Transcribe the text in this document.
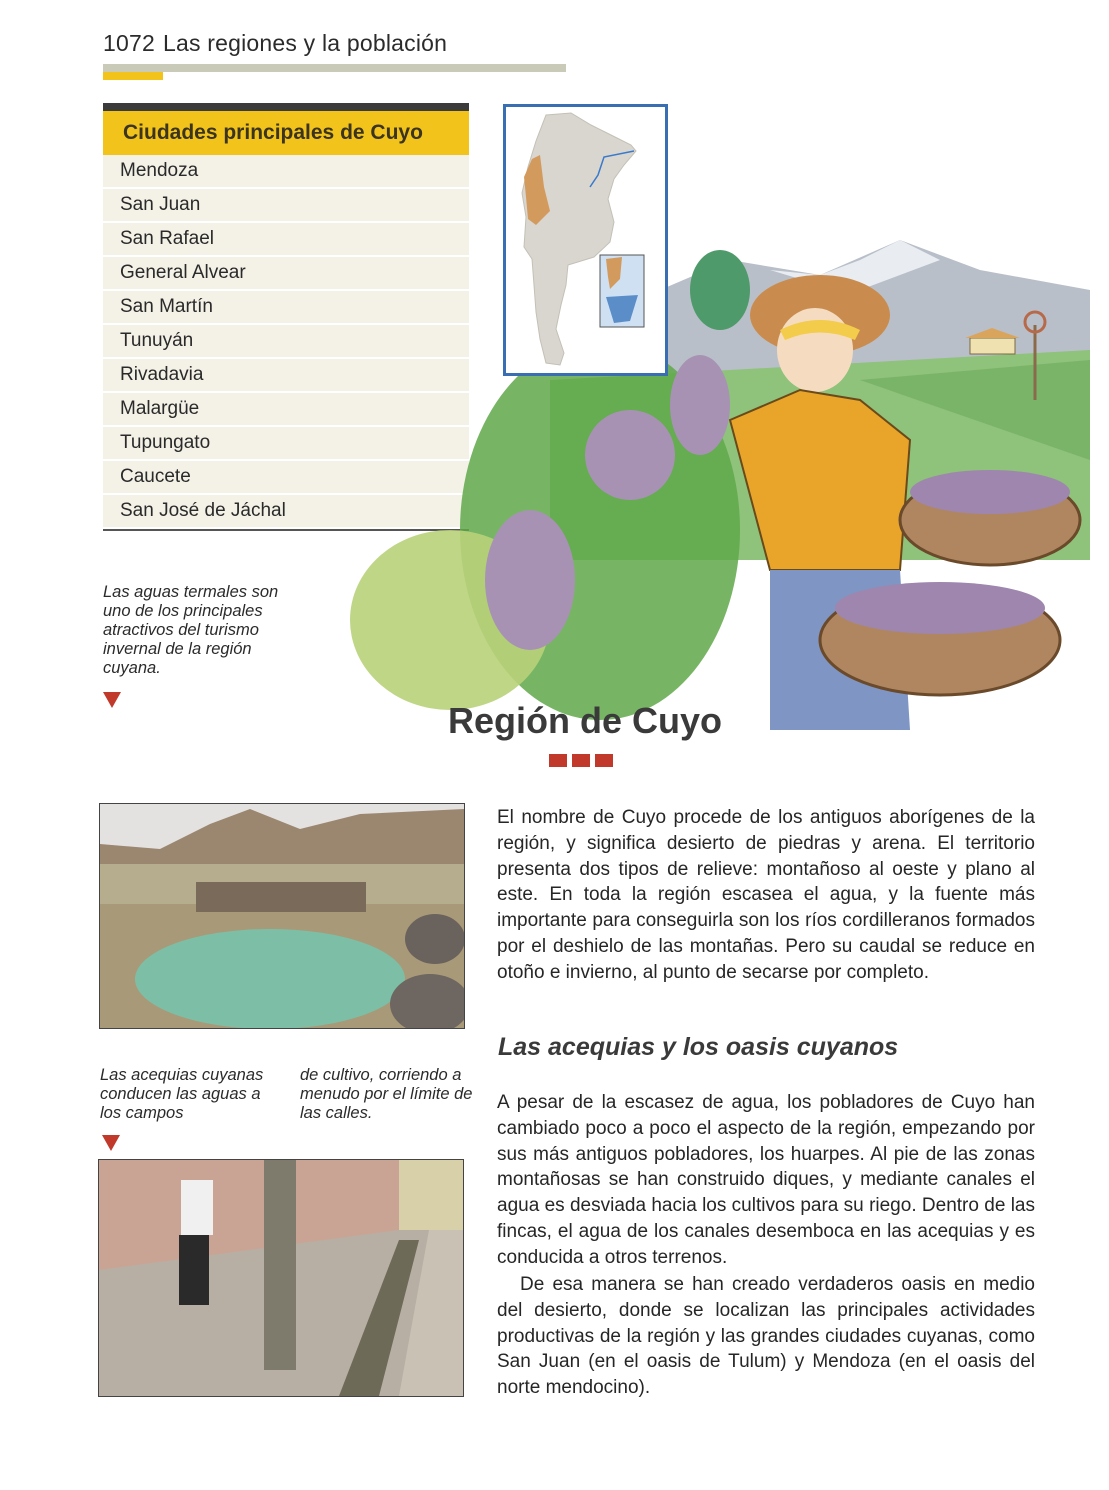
1072 Las regiones y la población
Ciudades principales de Cuyo
Mendoza
San Juan
San Rafael
General Alvear
San Martín
Tunuyán
Rivadavia
Malargüe
Tupungato
Caucete
San José de Jáchal
Las aguas termales son uno de los principales atractivos del turismo invernal de la región cuyana.
Región de Cuyo
Las acequias cuyanas conducen las aguas a los campos
de cultivo, corriendo a menudo por el límite de las calles.
El nombre de Cuyo procede de los antiguos aborígenes de la región, y significa desierto de piedras y arena. El territorio presenta dos tipos de relieve: montañoso al oeste y plano al este. En toda la región escasea el agua, y la fuente más importante para conseguirla son los ríos cordilleranos formados por el deshielo de las montañas. Pero su caudal se reduce en otoño e invierno, al punto de secarse por completo.
Las acequias y los oasis cuyanos
A pesar de la escasez de agua, los pobladores de Cuyo han cambiado poco a poco el aspecto de la región, empezando por sus más antiguos pobladores, los huarpes. Al pie de las zonas montañosas se han construido diques, y mediante canales el agua es desviada hacia los cultivos para su riego. Dentro de las fincas, el agua de los canales desemboca en las acequias y es conducida a otros terrenos.
De esa manera se han creado verdaderos oasis en medio del desierto, donde se localizan las principales actividades productivas de la región y las grandes ciudades cuyanas, como San Juan (en el oasis de Tulum) y Mendoza (en el oasis del norte mendocino).
